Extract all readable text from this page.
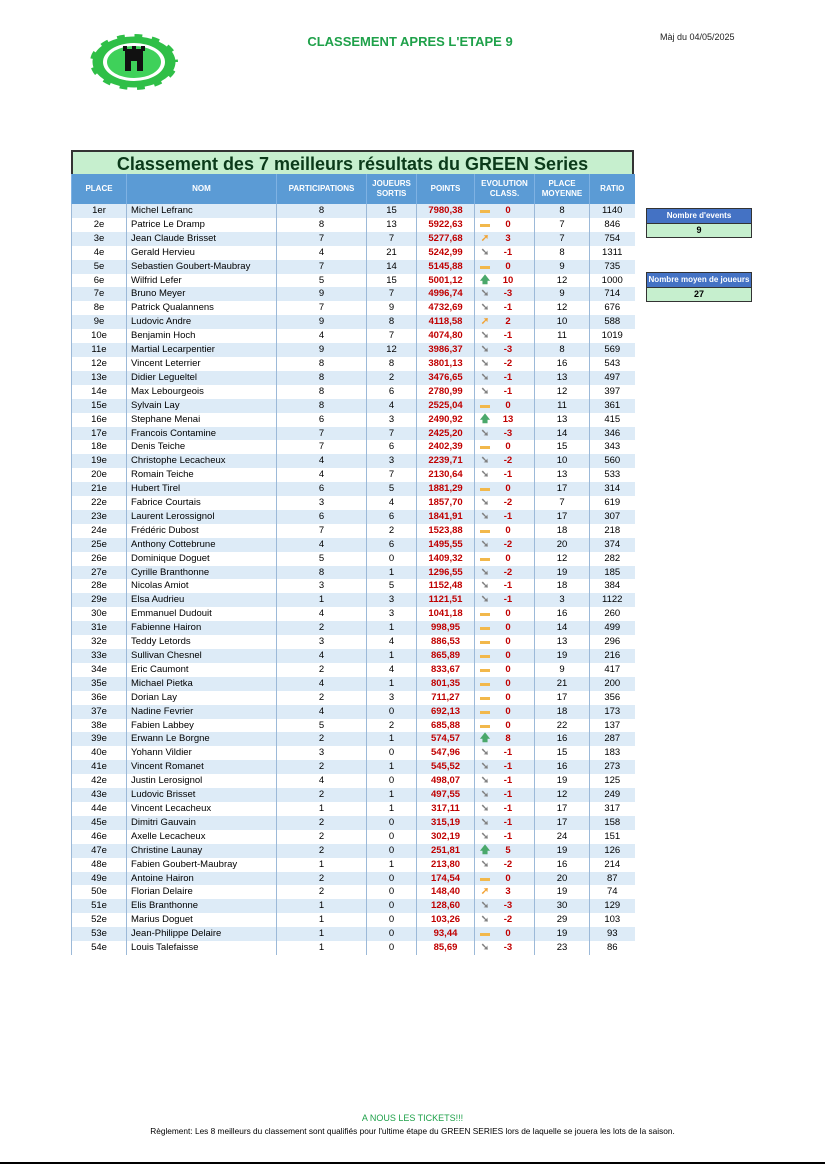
CLASSEMENT APRES L'ETAPE 9	Màj du 04/05/2025
Classement des 7 meilleurs résultats du GREEN Series
PLACE	NOM	PARTICIPATIONS	JOUEURS SORTIS	POINTS	EVOLUTION CLASS.	PLACE MOYENNE	RATIO
1er	Michel Lefranc	8	15	7980,38	▬ 0	8	1140
2e	Patrice Le Dramp	8	13	5922,63	▬ 0	7	846
3e	Jean Claude Brisset	7	7	5277,68	➚ 3	7	754
4e	Gerald Hervieu	4	21	5242,99	➘ -1	8	1311
5e	Sebastien Goubert-Maubray	7	14	5145,88	▬ 0	9	735
6e	Wilfrid Lefer	5	15	5001,12	🡅 10	12	1000
7e	Bruno Meyer	9	7	4996,74	➘ -3	9	714
8e	Patrick Qualannens	7	9	4732,69	➘ -1	12	676
9e	Ludovic Andre	9	8	4118,58	➚ 2	10	588
10e	Benjamin Hoch	4	7	4074,80	➘ -1	11	1019
11e	Martial Lecarpentier	9	12	3986,37	➘ -3	8	569
12e	Vincent Leterrier	8	8	3801,13	➘ -2	16	543
13e	Didier Legueltel	8	2	3476,65	➘ -1	13	497
14e	Max Lebourgeois	8	6	2780,99	➘ -1	12	397
15e	Sylvain Lay	8	4	2525,04	▬ 0	11	361
16e	Stephane Menai	6	3	2490,92	🡅 13	13	415
17e	Francois Contamine	7	7	2425,20	➘ -3	14	346
18e	Denis Teiche	7	6	2402,39	▬ 0	15	343
19e	Christophe Lecacheux	4	3	2239,71	➘ -2	10	560
20e	Romain Teiche	4	7	2130,64	➘ -1	13	533
21e	Hubert Tirel	6	5	1881,29	▬ 0	17	314
22e	Fabrice Courtais	3	4	1857,70	➘ -2	7	619
23e	Laurent Lerossignol	6	6	1841,91	➘ -1	17	307
24e	Frédéric Dubost	7	2	1523,88	▬ 0	18	218
25e	Anthony Cottebrune	4	6	1495,55	➘ -2	20	374
26e	Dominique Doguet	5	0	1409,32	▬ 0	12	282
27e	Cyrille Branthonne	8	1	1296,55	➘ -2	19	185
28e	Nicolas Amiot	3	5	1152,48	➘ -1	18	384
29e	Elsa Audrieu	1	3	1121,51	➘ -1	3	1122
30e	Emmanuel Dudouit	4	3	1041,18	▬ 0	16	260
31e	Fabienne Hairon	2	1	998,95	▬ 0	14	499
32e	Teddy Letords	3	4	886,53	▬ 0	13	296
33e	Sullivan Chesnel	4	1	865,89	▬ 0	19	216
34e	Eric Caumont	2	4	833,67	▬ 0	9	417
35e	Michael Pietka	4	1	801,35	▬ 0	21	200
36e	Dorian Lay	2	3	711,27	▬ 0	17	356
37e	Nadine Fevrier	4	0	692,13	▬ 0	18	173
38e	Fabien Labbey	5	2	685,88	▬ 0	22	137
39e	Erwann Le Borgne	2	1	574,57	🡅 8	16	287
40e	Yohann Vildier	3	0	547,96	➘ -1	15	183
41e	Vincent Romanet	2	1	545,52	➘ -1	16	273
42e	Justin Lerosignol	4	0	498,07	➘ -1	19	125
43e	Ludovic Brisset	2	1	497,55	➘ -1	12	249
44e	Vincent Lecacheux	1	1	317,11	➘ -1	17	317
45e	Dimitri Gauvain	2	0	315,19	➘ -1	17	158
46e	Axelle Lecacheux	2	0	302,19	➘ -1	24	151
47e	Christine Launay	2	0	251,81	🡅 5	19	126
48e	Fabien Goubert-Maubray	1	1	213,80	➘ -2	16	214
49e	Antoine Hairon	2	0	174,54	▬ 0	20	87
50e	Florian Delaire	2	0	148,40	➚ 3	19	74
51e	Elis Branthonne	1	0	128,60	➘ -3	30	129
52e	Marius Doguet	1	0	103,26	➘ -2	29	103
53e	Jean-Philippe Delaire	1	0	93,44	▬ 0	19	93
54e	Louis Talefaisse	1	0	85,69	➘ -3	23	86
Nombre d'events
9
Nombre moyen de joueurs
27
A NOUS LES TICKETS!!!
Règlement: Les 8 meilleurs du classement sont qualifiés pour l'ultime étape du GREEN SERIES lors de laquelle se jouera les lots de la saison.
